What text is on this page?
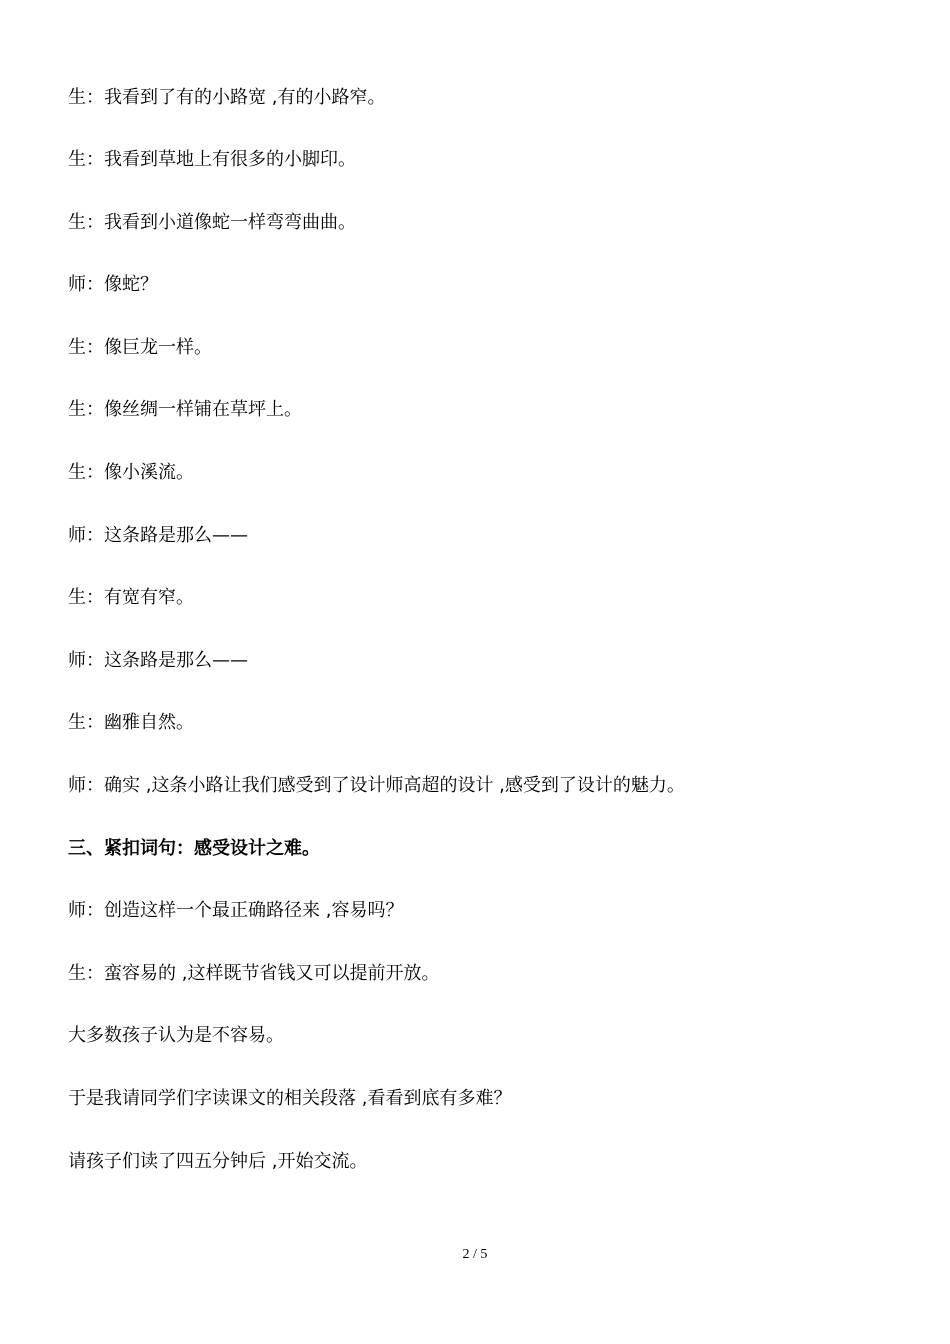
生：我看到了有的小路宽 ,有的小路窄。
生：我看到草地上有很多的小脚印。
生：我看到小道像蛇一样弯弯曲曲。
师：像蛇？
生：像巨龙一样。
生：像丝绸一样铺在草坪上。
生：像小溪流。
师：这条路是那么——
生：有宽有窄。
师：这条路是那么——
生：幽雅自然。
师：确实 ,这条小路让我们感受到了设计师高超的设计 ,感受到了设计的魅力。
三、紧扣词句：感受设计之难。
师：创造这样一个最正确路径来 ,容易吗？
生：蛮容易的 ,这样既节省钱又可以提前开放。
大多数孩子认为是不容易。
于是我请同学们字读课文的相关段落 ,看看到底有多难？
请孩子们读了四五分钟后 ,开始交流。
2 / 5
